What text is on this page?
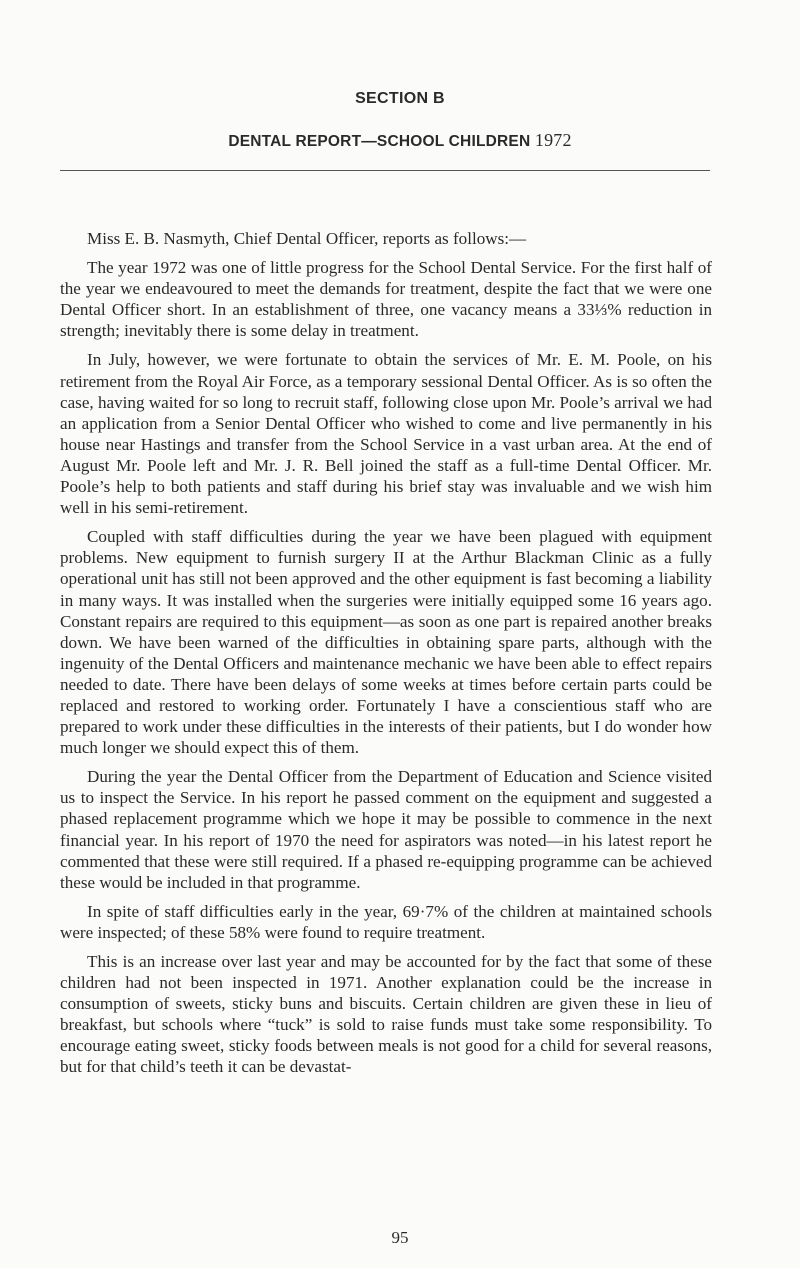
SECTION B
DENTAL REPORT—SCHOOL CHILDREN 1972

Miss E. B. Nasmyth, Chief Dental Officer, reports as follows:—

The year 1972 was one of little progress for the School Dental Service. For the first half of the year we endeavoured to meet the demands for treatment, despite the fact that we were one Dental Officer short. In an establishment of three, one vacancy means a 33⅓% reduction in strength; inevitably there is some delay in treatment.

In July, however, we were fortunate to obtain the services of Mr. E. M. Poole, on his retirement from the Royal Air Force, as a temporary sessional Dental Officer. As is so often the case, having waited for so long to recruit staff, following close upon Mr. Poole’s arrival we had an application from a Senior Dental Officer who wished to come and live permanently in his house near Hastings and transfer from the School Service in a vast urban area. At the end of August Mr. Poole left and Mr. J. R. Bell joined the staff as a full-time Dental Officer. Mr. Poole’s help to both patients and staff during his brief stay was invaluable and we wish him well in his semi-retirement.

Coupled with staff difficulties during the year we have been plagued with equipment problems. New equipment to furnish surgery II at the Arthur Blackman Clinic as a fully operational unit has still not been approved and the other equipment is fast becoming a liability in many ways. It was installed when the surgeries were initially equipped some 16 years ago. Constant repairs are required to this equipment—as soon as one part is repaired another breaks down. We have been warned of the difficulties in obtaining spare parts, although with the ingenuity of the Dental Officers and maintenance mechanic we have been able to effect repairs needed to date. There have been delays of some weeks at times before certain parts could be replaced and restored to working order. Fortunately I have a conscientious staff who are prepared to work under these difficulties in the interests of their patients, but I do wonder how much longer we should expect this of them.

During the year the Dental Officer from the Department of Education and Science visited us to inspect the Service. In his report he passed comment on the equipment and suggested a phased replacement programme which we hope it may be possible to commence in the next financial year. In his report of 1970 the need for aspirators was noted—in his latest report he commented that these were still required. If a phased re-equipping programme can be achieved these would be included in that programme.

In spite of staff difficulties early in the year, 69·7% of the children at maintained schools were inspected; of these 58% were found to require treatment.

This is an increase over last year and may be accounted for by the fact that some of these children had not been inspected in 1971. Another explanation could be the increase in consumption of sweets, sticky buns and biscuits. Certain children are given these in lieu of breakfast, but schools where “tuck” is sold to raise funds must take some responsibility. To encourage eating sweet, sticky foods between meals is not good for a child for several reasons, but for that child’s teeth it can be devastat-

95
